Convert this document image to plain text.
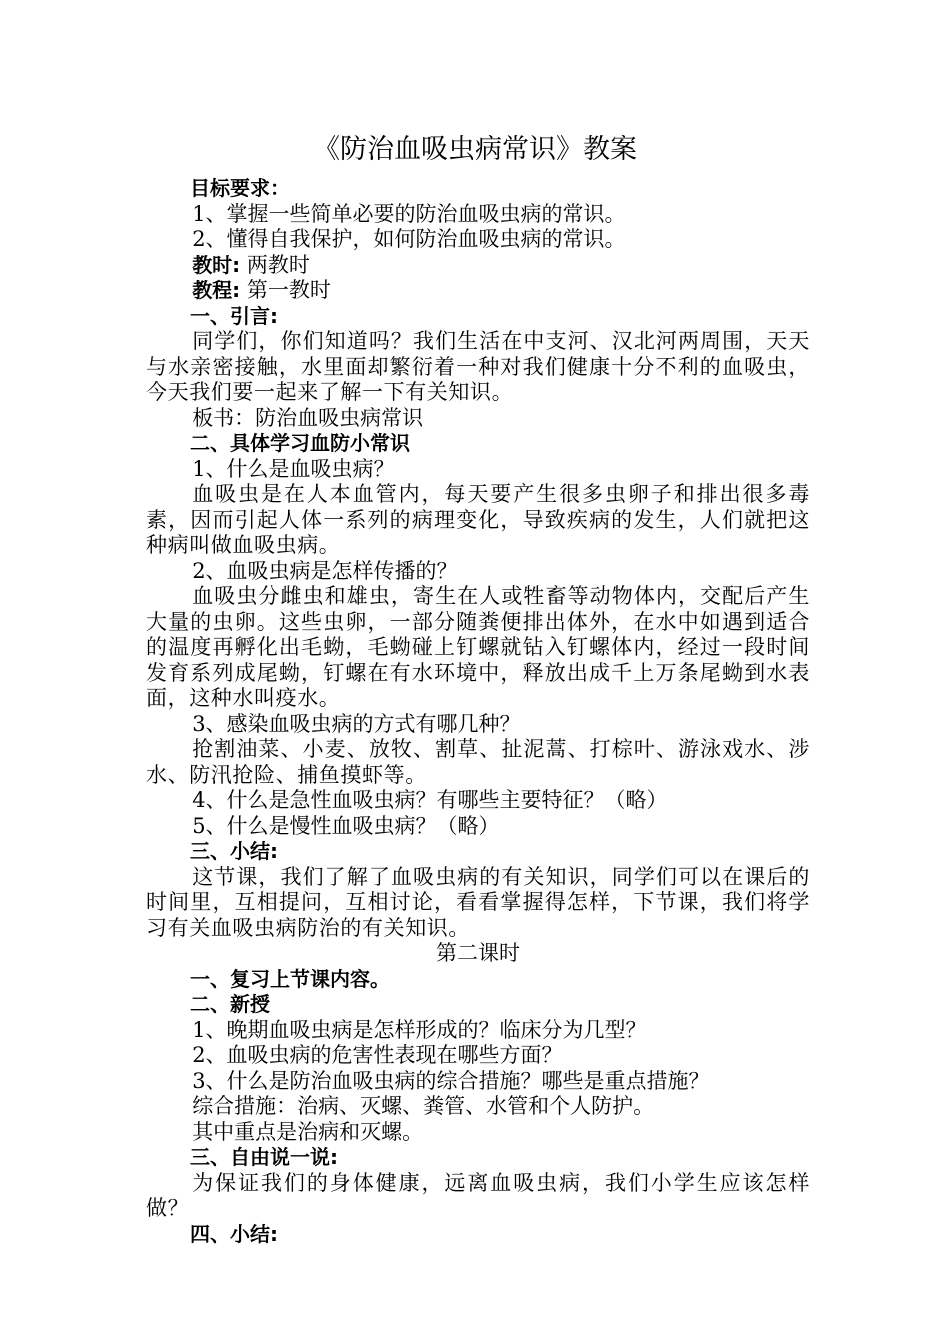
《防治血吸虫病常识》教案

目标要求：

1、掌握一些简单必要的防治血吸虫病的常识。

2、懂得自我保护，如何防治血吸虫病的常识。

教时: 两教时

教程: 第一教时

一、引言:

同学们，你们知道吗？我们生活在中支河、汉北河两周围，天天与水亲密接触，水里面却繁衍着一种对我们健康十分不利的血吸虫，今天我们要一起来了解一下有关知识。

板书：防治血吸虫病常识

二、具体学习血防小常识

1、什么是血吸虫病？

血吸虫是在人本血管内，每天要产生很多虫卵子和排出很多毒素，因而引起人体一系列的病理变化，导致疾病的发生，人们就把这种病叫做血吸虫病。

2、血吸虫病是怎样传播的？

血吸虫分雌虫和雄虫，寄生在人或牲畜等动物体内，交配后产生大量的虫卵。这些虫卵，一部分随粪便排出体外，在水中如遇到适合的温度再孵化出毛蚴，毛蚴碰上钉螺就钻入钉螺体内，经过一段时间发育系列成尾蚴，钉螺在有水环境中，释放出成千上万条尾蚴到水表面，这种水叫疫水。

3、感染血吸虫病的方式有哪几种？

抢割油菜、小麦、放牧、割草、扯泥蒿、打棕叶、游泳戏水、涉水、防汛抢险、捕鱼摸虾等。

4、什么是急性血吸虫病？有哪些主要特征？（略）

5、什么是慢性血吸虫病？（略）

三、小结:

这节课，我们了解了血吸虫病的有关知识，同学们可以在课后的时间里，互相提问，互相讨论，看看掌握得怎样，下节课，我们将学习有关血吸虫病防治的有关知识。

第二课时

一、复习上节课内容。

二、新授

1、晚期血吸虫病是怎样形成的？临床分为几型？

2、血吸虫病的危害性表现在哪些方面？

3、什么是防治血吸虫病的综合措施？哪些是重点措施？

综合措施：治病、灭螺、粪管、水管和个人防护。

其中重点是治病和灭螺。

三、自由说一说:

为保证我们的身体健康，远离血吸虫病，我们小学生应该怎样做？

四、小结:
